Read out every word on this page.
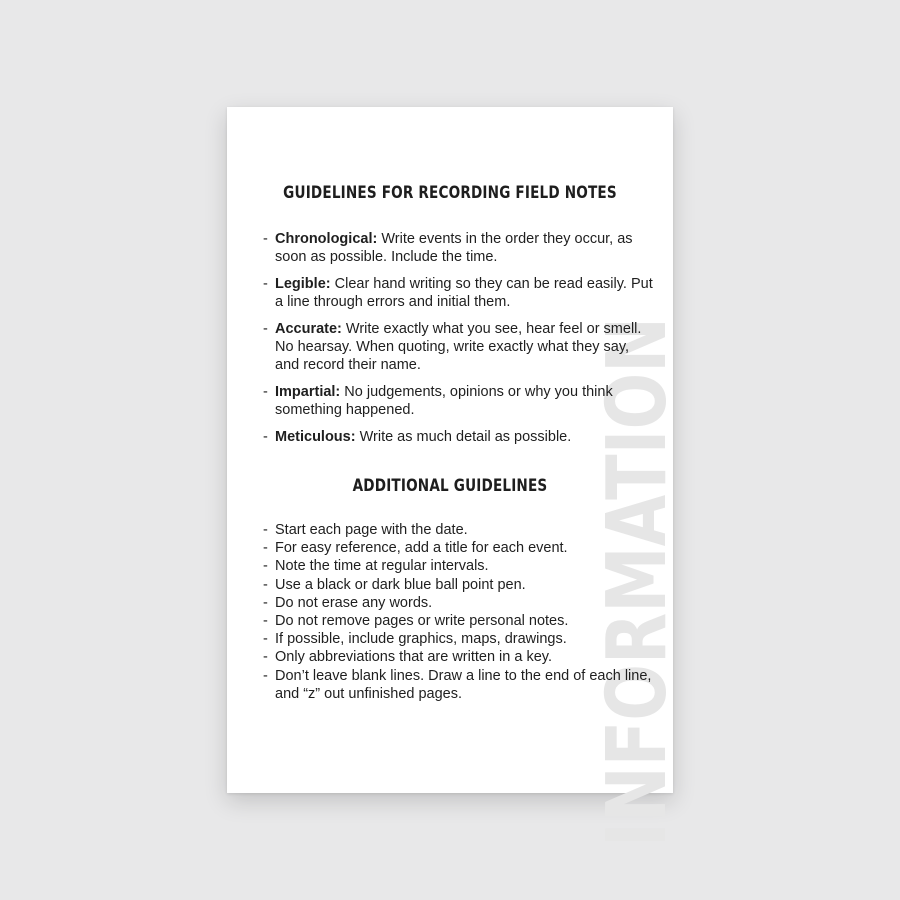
INFORMATION
GUIDELINES FOR RECORDING FIELD NOTES
- Chronological: Write events in the order they occur, as soon as possible. Include the time.
- Legible: Clear hand writing so they can be read easily. Put a line through errors and initial them.
- Accurate: Write exactly what you see, hear feel or smell. No hearsay. When quoting, write exactly what they say, and record their name.
- Impartial: No judgements, opinions or why you think something happened.
- Meticulous: Write as much detail as possible.
ADDITIONAL GUIDELINES
- Start each page with the date.
- For easy reference, add a title for each event.
- Note the time at regular intervals.
- Use a black or dark blue ball point pen.
- Do not erase any words.
- Do not remove pages or write personal notes.
- If possible, include graphics, maps, drawings.
- Only abbreviations that are written in a key.
- Don’t leave blank lines. Draw a line to the end of each line, and “z” out unfinished pages.
